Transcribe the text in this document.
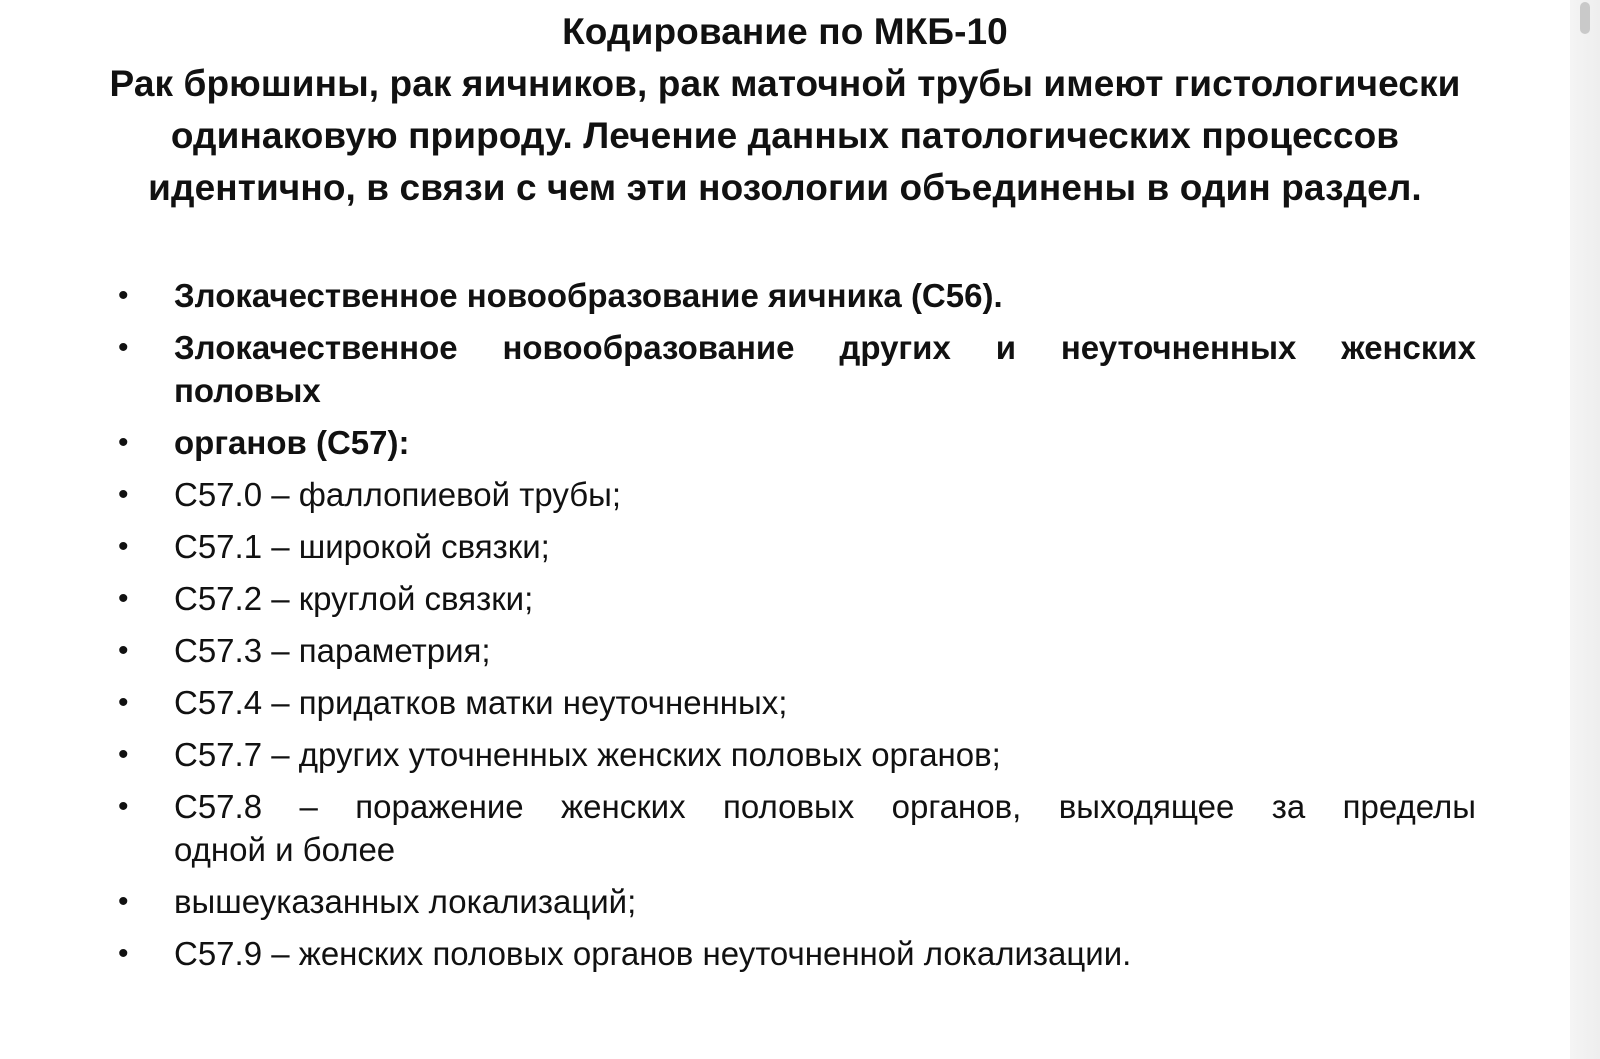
Кодирование по МКБ-10
Рак брюшины, рак яичников, рак маточной трубы имеют гистологически
одинаковую природу. Лечение данных патологических процессов
идентично, в связи с чем эти нозологии объединены в один раздел.
• Злокачественное новообразование яичника (C56).
• Злокачественное новообразование других и неуточненных женских
половых
• органов (C57):
• C57.0 – фаллопиевой трубы;
• C57.1 – широкой связки;
• C57.2 – круглой связки;
• C57.3 – параметрия;
• C57.4 – придатков матки неуточненных;
• C57.7 – других уточненных женских половых органов;
• C57.8 – поражение женских половых органов, выходящее за пределы
одной и более
• вышеуказанных локализаций;
• C57.9 – женских половых органов неуточненной локализации.
